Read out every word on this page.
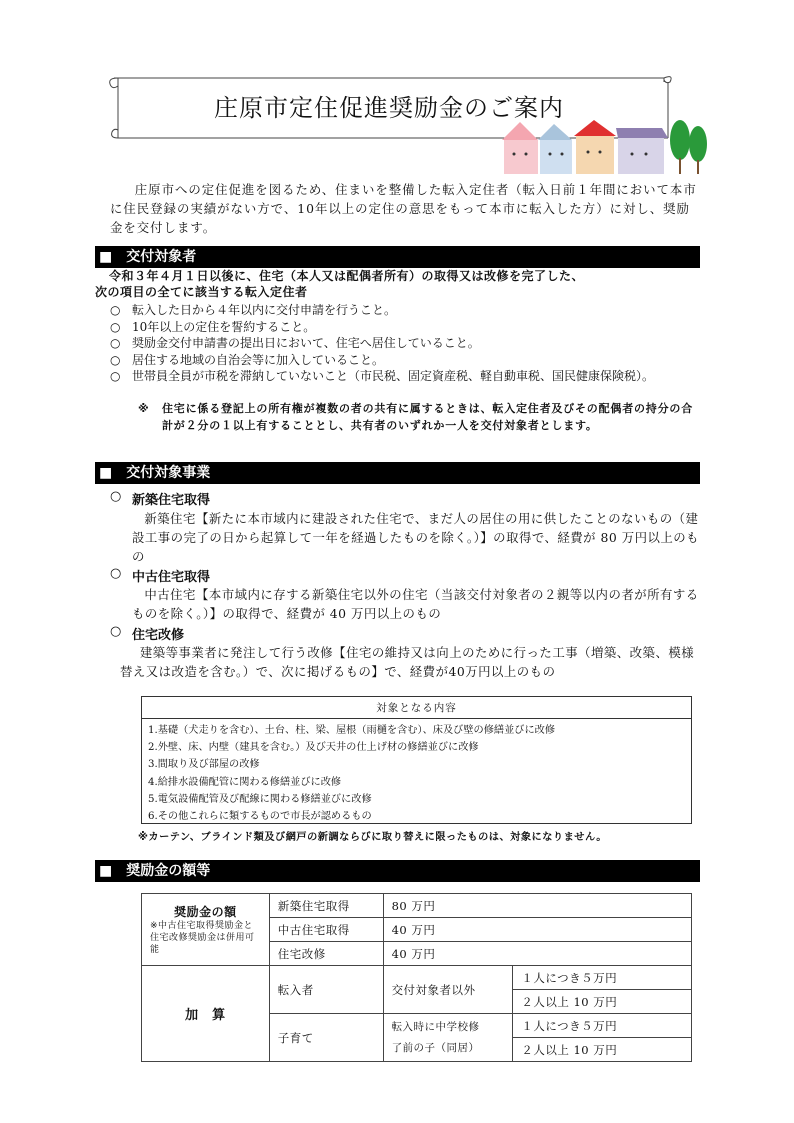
庄原市定住促進奨励金のご案内

庄原市への定住促進を図るため、住まいを整備した転入定住者（転入日前１年間において本市に住民登録の実績がない方で、10年以上の定住の意思をもって本市に転入した方）に対し、奨励金を交付します。

■　交付対象者

令和３年４月１日以後に、住宅（本人又は配偶者所有）の取得又は改修を完了した、

次の項目の全てに該当する転入定住者

○ 転入した日から４年以内に交付申請を行うこと。
○ 10年以上の定住を誓約すること。
○ 奨励金交付申請書の提出日において、住宅へ居住していること。
○ 居住する地域の自治会等に加入していること。
○ 世帯員全員が市税を滞納していないこと（市民税、固定資産税、軽自動車税、国民健康保険税）。
※	住宅に係る登記上の所有権が複数の者の共有に属するときは、転入定住者及びその配偶者の持分の合計が２分の１以上有することとし、共有者のいずれか一人を交付対象者とします。
■　交付対象事業
○ 新築住宅取得

新築住宅【新たに本市域内に建設された住宅で、まだ人の居住の用に供したことのないもの（建設工事の完了の日から起算して一年を経過したものを除く。）】の取得で、経費が 80 万円以上のもの

○ 中古住宅取得

中古住宅【本市域内に存する新築住宅以外の住宅（当該交付対象者の２親等以内の者が所有するものを除く。）】の取得で、経費が 40 万円以上のもの

○ 住宅改修

建築等事業者に発注して行う改修【住宅の維持又は向上のために行った工事（増築、改築、模様替え又は改造を含む。）で、次に掲げるもの】で、経費が40万円以上のもの

対象となる内容
1.基礎（犬走りを含む）、土台、柱、梁、屋根（雨樋を含む）、床及び壁の修繕並びに改修
2.外壁、床、内壁（建具を含む。）及び天井の仕上げ材の修繕並びに改修
3.間取り及び部屋の改修
4.給排水設備配管に関わる修繕並びに改修
5.電気設備配管及び配線に関わる修繕並びに改修
6.その他これらに類するもので市長が認めるもの
※カーテン、ブラインド類及び網戸の新調ならびに取り替えに限ったものは、対象になりません。
■　奨励金の額等
奨励金の額
※中古住宅取得奨励金と住宅改修奨励金は併用可能	新築住宅取得	80 万円	
	中古住宅取得	40 万円	
	住宅改修	40 万円	
加　算	転入者	交付対象者以外	１人につき５万円
			２人以上 10 万円
	子育て	転入時に中学校修
了前の子（同居）	１人につき５万円
			２人以上 10 万円
